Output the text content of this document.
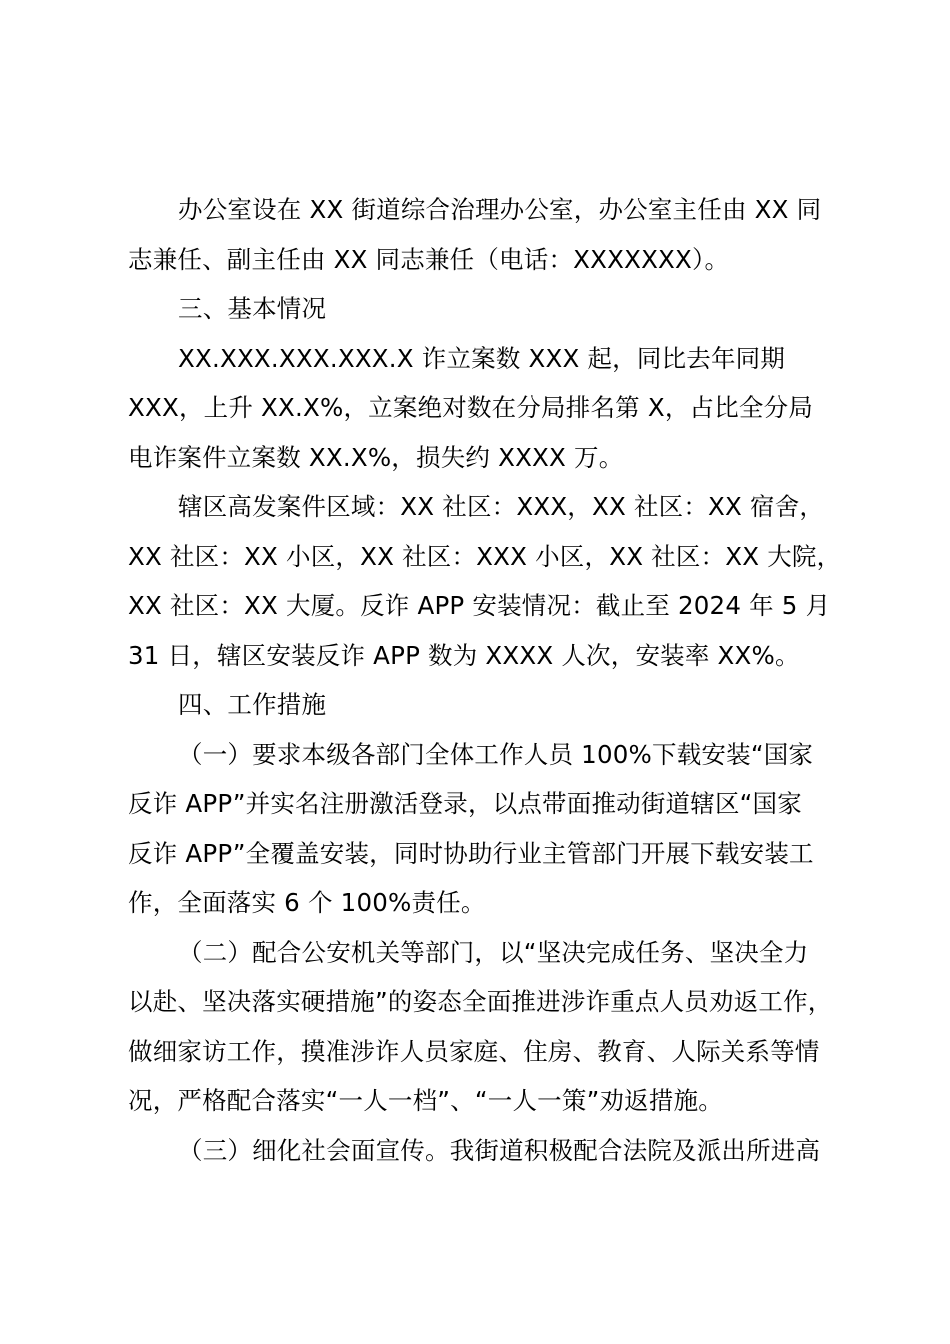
办公室设在 XX 街道综合治理办公室，办公室主任由 XX 同
志兼任、副主任由 XX 同志兼任（电话：XXXXXXX）。
三、基本情况
XX.XXX.XXX.XXX.X 诈立案数 XXX 起，同比去年同期
XXX，上升 XX.X%，立案绝对数在分局排名第 X，占比全分局
电诈案件立案数 XX.X%，损失约 XXXX 万。
辖区高发案件区域：XX 社区：XXX，XX 社区：XX 宿舍，
XX 社区：XX 小区，XX 社区：XXX 小区，XX 社区：XX 大院，
XX 社区：XX 大厦。反诈 APP 安装情况：截止至 2024 年 5 月
31 日，辖区安装反诈 APP 数为 XXXX 人次，安装率 XX%。
四、工作措施
（一）要求本级各部门全体工作人员 100%下载安装“国家
反诈 APP”并实名注册激活登录，以点带面推动街道辖区“国家
反诈 APP”全覆盖安装，同时协助行业主管部门开展下载安装工
作，全面落实 6 个 100%责任。
（二）配合公安机关等部门，以“坚决完成任务、坚决全力
以赴、坚决落实硬措施”的姿态全面推进涉诈重点人员劝返工作，
做细家访工作，摸准涉诈人员家庭、住房、教育、人际关系等情
况，严格配合落实“一人一档”、“一人一策”劝返措施。
（三）细化社会面宣传。我街道积极配合法院及派出所进高
